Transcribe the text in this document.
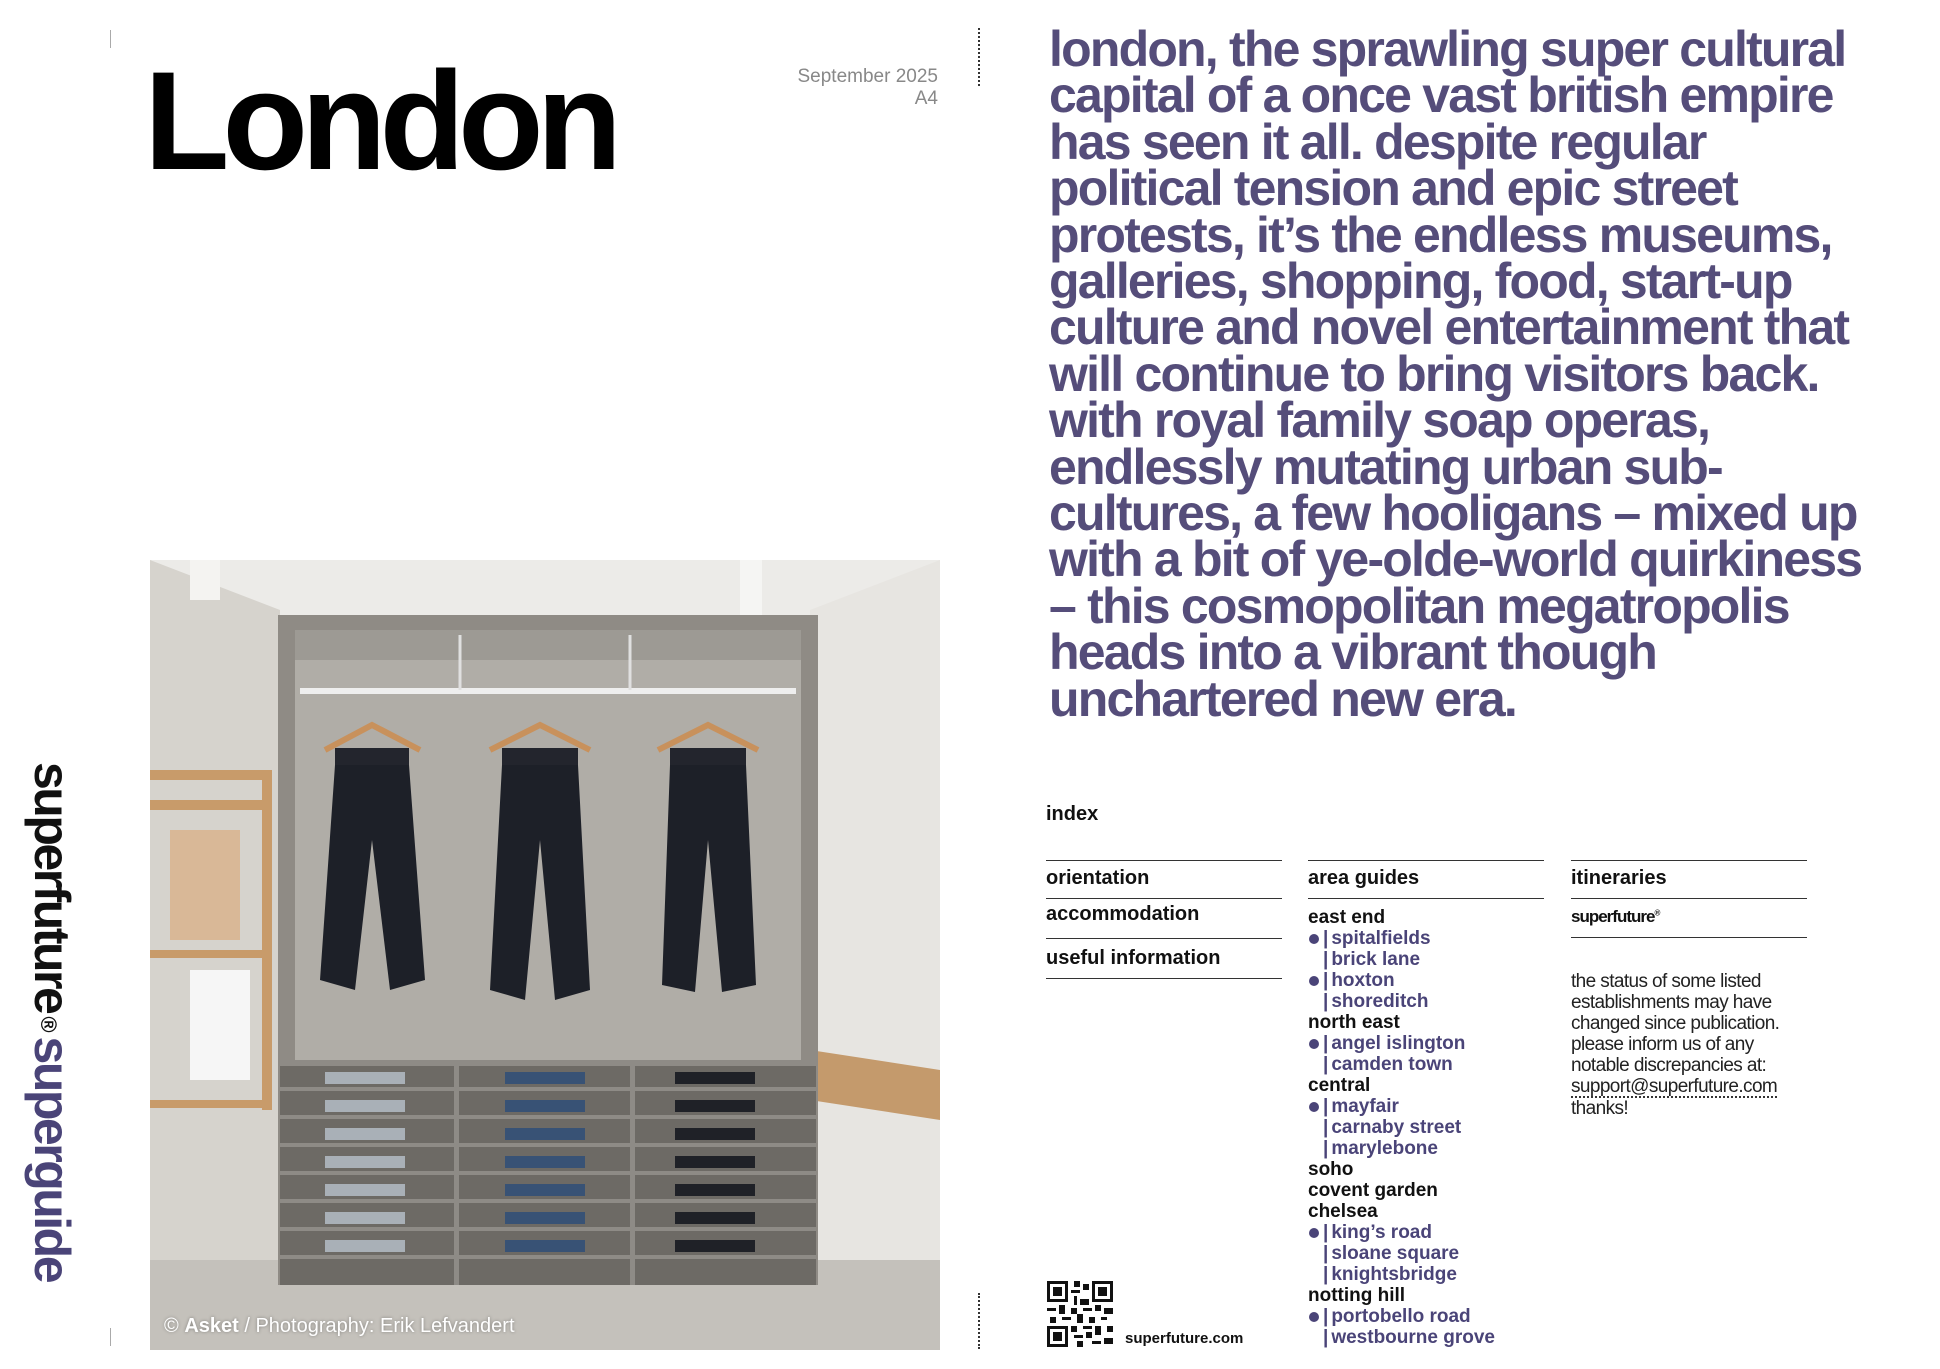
superfuture®superguide
London	September 2025
A4
© Asket / Photography: Erik Lefvandert

london, the sprawling super cultural capital of a once vast british empire has seen it all. despite regular political tension and epic street protests, it’s the endless museums, galleries, shopping, food, start-up culture and novel entertainment that will continue to bring visitors back. with royal family soap operas, endlessly mutating urban sub-cultures, a few hooligans – mixed up with a bit of ye-olde-world quirkiness – this cosmopolitan megatropolis heads into a vibrant though unchartered new era.

index
orientation
accommodation
useful information
area guides
east end
| spitalfields
| brick lane
| hoxton
| shoreditch
north east
| angel islington
| camden town
central
| mayfair
| carnaby street
| marylebone
soho
covent garden
chelsea
| king’s road
| sloane square
| knightsbridge
notting hill
| portobello road
| westbourne grove
itineraries
superfuture®
the status of some listed
establishments may have
changed since publication.
please inform us of any
notable discrepancies at:
support@superfuture.com
thanks!
superfuture.com
